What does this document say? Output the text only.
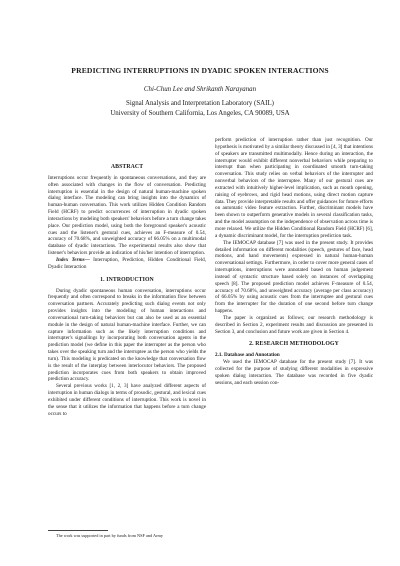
PREDICTING INTERRUPTIONS IN DYADIC SPOKEN INTERACTIONS
Chi-Chun Lee and Shrikanth Narayanan
Signal Analysis and Interpretation Laboratory (SAIL)
University of Southern California, Los Angeles, CA 90089, USA
ABSTRACT

Interruptions occur frequently in spontaneous conversations, and they are often associated with changes in the flow of conversation. Predicting interruption is essential in the design of natural human-machine spoken dialog interface. The modeling can bring insights into the dynamics of human-human conversation. This work utilizes Hidden Condition Random Field (HCRF) to predict occurrences of interruption in dyadic spoken interactions by modeling both speakers' behaviors before a turn change takes place. Our prediction model, using both the foreground speaker's acoustic cues and the listener's gestural cues, achieves an F-measure of 0.54, accuracy of 70.68%, and unweighted accuracy of 66.05% on a multimodal database of dyadic interactions. The experimental results also show that listener's behaviors provide an indication of his/her intention of interruption.

Index Terms— Interruption, Prediction, Hidden Conditional Field, Dyadic Interaction

1. INTRODUCTION

During dyadic spontaneous human conversation, interruptions occur frequently and often correspond to breaks in the information flow between conversation partners. Accurately predicting such dialog events not only provides insights into the modeling of human interactions and conversational turn-taking behaviors but can also be used as an essential module in the design of natural human-machine interface. Further, we can capture information such as the likely interruption conditions and interrupter's signallings by incorporating both conversation agents in the prediction model (we define in this paper the interrupter as the person who takes over the speaking turn and the interruptee as the person who yields the turn). This modeling is predicated on the knowledge that conversation flow is the result of the interplay between interlocutor behaviors. The proposed prediction incorporates cues from both speakers to obtain improved prediction accuracy.

Several previous works [1, 2, 3] have analyzed different aspects of interruption in human dialogs in terms of prosodic, gestural, and lexical cues exhibited under different conditions of interruption. This work is novel in the sense that it utilizes the information that happens before a turn change occurs to

perform prediction of interruption rather than just recognition. Our hypothesis is motivated by a similar theory discussed in [4, 3] that intentions of speakers are transmitted multimodally. Hence during an interaction, the interrupter would exhibit different nonverbal behaviors while preparing to interrupt than when participating in coordinated smooth turn-taking conversation. This study relies on verbal behaviors of the interrupter and nonverbal behaviors of the interruptee. Many of our gestural cues are extracted with intuitively higher-level implication, such as mouth opening, raising of eyebrows, and rigid head motions, using direct motion capture data. They provide interpretable results and offer guidances for future efforts on automatic video feature extraction. Further, discriminant models have been shown to outperform generative models in several classification tasks, and the model assumption on the independence of observation across time is more relaxed. We utilize the Hidden Conditional Random Field (HCRF) [6], a dynamic discriminant model, for the interruption prediction task.

The IEMOCAP database [7] was used in the present study. It provides detailed information on different modalities (speech, gestures of face, head motions, and hand movements) expressed in natural human-human conversational settings. Furthermore, in order to cover more general cases of interruptions, interruptions were annotated based on human judgement instead of syntactic structure based solely on instances of overlapping speech [8]. The proposed prediction model achieves F-measure of 0.54, accuracy of 70.68%, and unweighted accuracy (average per class accuracy) of 66.05% by using acoustic cues from the interruptee and gestural cues from the interrupter for the duration of one second before turn change happens.

The paper is organized as follows; our research methodology is described in Section 2, experiment results and discussion are presented in Section 3, and conclusion and future work are given in Section 4.

2. RESEARCH METHODOLOGY

2.1. Database and Annotation

We used the IEMOCAP database for the present study [7]. It was collected for the purpose of studying different modalities in expressive spoken dialog interaction. The database was recorded in five dyadic sessions, and each session con-

The work was supported in part by funds from NSF and Army
